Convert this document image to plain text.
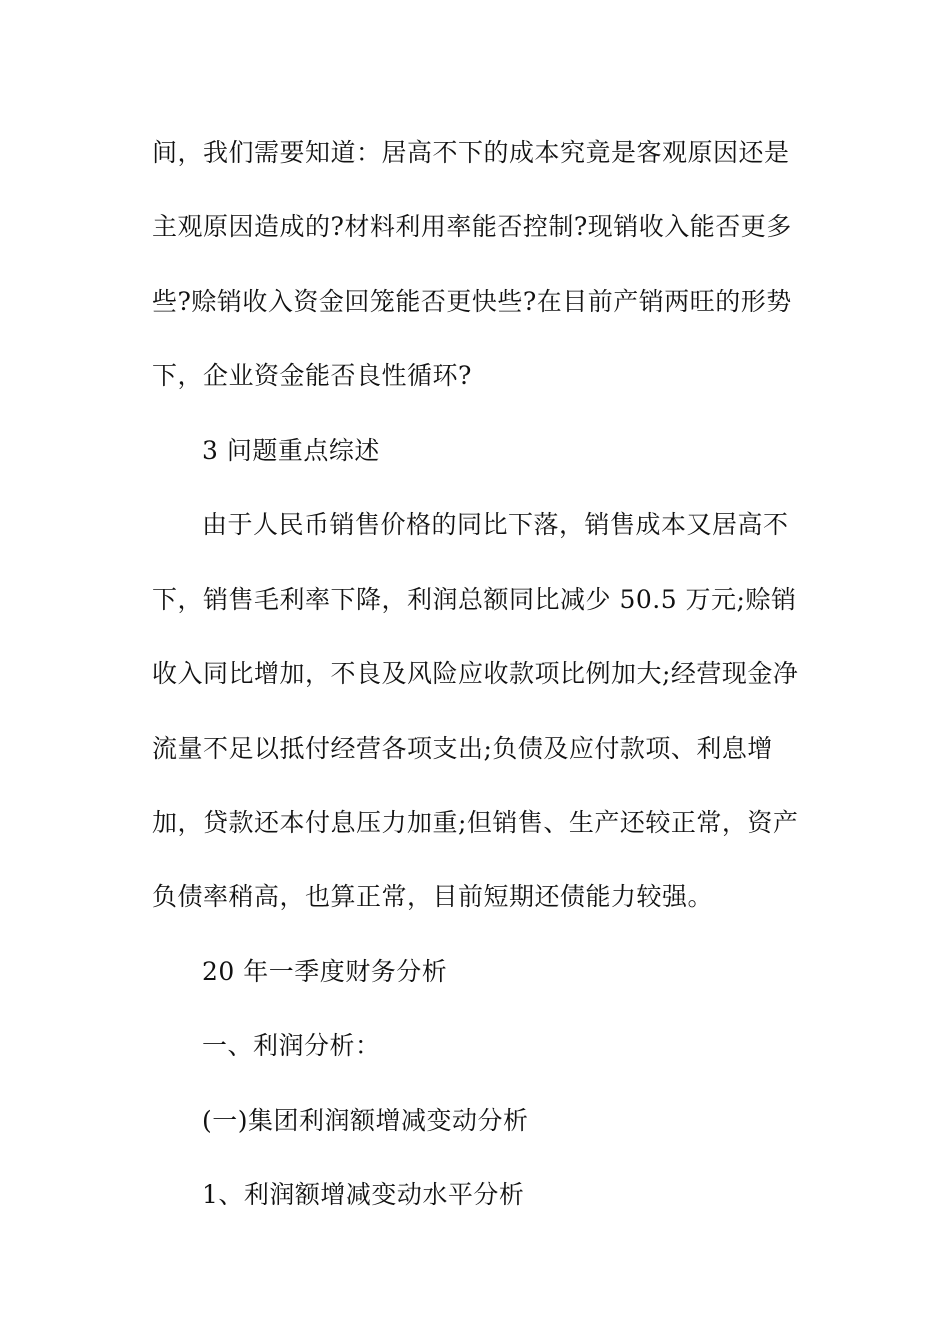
间，我们需要知道：居高不下的成本究竟是客观原因还是
主观原因造成的?材料利用率能否控制?现销收入能否更多
些?赊销收入资金回笼能否更快些?在目前产销两旺的形势
下，企业资金能否良性循环?
3 问题重点综述
由于人民币销售价格的同比下落，销售成本又居高不
下，销售毛利率下降，利润总额同比减少 50.5 万元;赊销
收入同比增加，不良及风险应收款项比例加大;经营现金净
流量不足以抵付经营各项支出;负债及应付款项、利息增
加，贷款还本付息压力加重;但销售、生产还较正常，资产
负债率稍高，也算正常，目前短期还债能力较强。
20 年一季度财务分析
一、利润分析：
(一)集团利润额增减变动分析
1、利润额增减变动水平分析
